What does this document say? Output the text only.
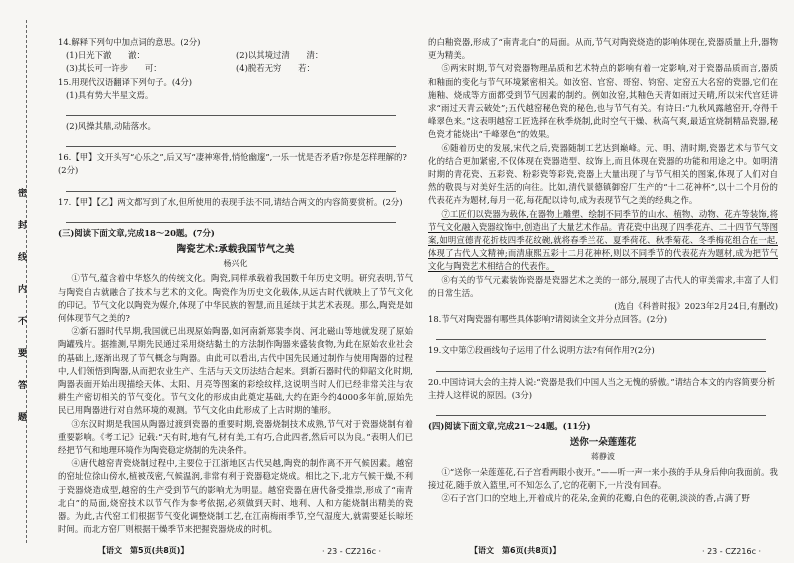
密
封
线
内
不
要
答
题

14.解释下列句中加点词的意思。(2分)

(1)日光下澈　　澈：	(2)以其境过清　　清：
(3)其长可一许步　　可：	(4)脱若无穷　　若：

15.用现代汉语翻译下列句子。(4分)

(1)具有势大半星文焉。

(2)风操其鼎,动陆落水。

16.【甲】文开头写“心乐之”,后又写“凄神寒骨,悄怆幽邃”,一乐一忧是否矛盾?你是怎样理解的?(2分)

17.【甲】【乙】两文都写到了水,但所使用的表现手法不同,请结合两文的内容简要赏析。(2分)

(三)阅读下面文章,完成18～20题。(7分)

陶瓷艺术:承载我国节气之美

杨兴化

①节气,蕴含着中华悠久的传统文化。陶瓷,同样承载着我国数千年历史文明。研究表明,节气与陶瓷自古就融合了技术与艺术的文化。陶瓷作为历史文化载体,从远古时代就映上了节气文化的印记。节气文化以陶瓷为媒介,体现了中华民族的智慧,而且延续于其艺术表现。那么,陶瓷是如何体现节气之美的?

②新石器时代早期,我国就已出现原始陶器,如河南新郑裴李岗、河北磁山等地就发现了原始陶罐残片。据推测,早期先民通过采用烧结黏土的方法制作陶器来盛装食物,为此在原始农业社会的基础上,逐渐出现了节气概念与陶器。由此可以看出,古代中国先民通过制作与使用陶器的过程中,人们领悟到陶器,从而把农业生产、生活与天文历法结合起来。到新石器时代的仰韶文化时期,陶器表面开始出现描绘天体、太阳、月亮等图案的彩绘纹样,这说明当时人们已经非常关注与农耕生产密切相关的节气变化。节气文化的形成由此奠定基础,大约在距今约4000多年前,原始先民已用陶器进行对自然环境的观测。节气文化由此形成了上古时期的雏形。

③东汉时期是我国从陶器过渡到瓷器的重要时期,瓷器烧制技术成熟,节气对于瓷器烧制有着重要影响。《考工记》记载:“天有时,地有气,材有美,工有巧,合此四者,然后可以为良。”表明人们已经把节气和地理环境作为陶瓷稳定烧制的先决条件。

④唐代越窑青瓷烧制过程中,主要位于江浙地区古代吴越,陶瓷的制作离不开气候因素。越窑的窑址位徐山傍水,植被茂密,气候温润,非常有利于瓷器稳定烧成。相比之下,北方气候干燥,不利于瓷器烧造成型,越窑的生产受到节气的影响尤为明显。越窑瓷器在唐代备受推崇,形成了“南青北白”的局面,烧窑技术以节气作为参考依据,必须做到天时、地利、人和方能烧制出精美的瓷器。为此,古代窑工们根据节气变化调整烧制工艺,在江南梅雨季节,空气湿度大,就需要延长晾坯时间。而北方窑厂则根据干燥季节来把握瓷器烧成的时机。

的白釉瓷器,形成了“南青北白”的局面。从而,节气对陶瓷烧造的影响体现在,瓷器质量上升,器物更为精美。

⑤两宋时期,节气对瓷器物理品质和艺术特点的影响有着一定影响,对于瓷器品质而言,器质和釉面的变化与节气环境紧密相关。如汝窑、官窑、哥窑、钧窑、定窑五大名窑的瓷器,它们在施釉、烧成等方面都受到节气因素的制约。例如汝窑,其釉色天青如雨过天晴,所以宋代宫廷讲求“雨过天青云破处”;五代越窑秘色瓷的秘色,也与节气有关。有诗曰:“九秋风露越窑开,夺得千峰翠色来。”这表明越窑工匠选择在秋季烧制,此时空气干燥、秋高气爽,最适宜烧制精品瓷器,秘色瓷才能烧出“千峰翠色”的效果。

⑥随着历史的发展,宋代之后,瓷器随制工艺达到巅峰。元、明、清时期,瓷器艺术与节气文化的结合更加紧密,不仅体现在瓷器造型、纹饰上,而且体现在瓷器的功能和用途之中。如明清时期的青花瓷、五彩瓷、粉彩瓷等彩瓷,瓷器上大量出现了与节气相关的图案,体现了人们对自然的敬畏与对美好生活的向往。比如,清代景德镇御窑厂生产的“十二花神杯”,以十二个月份的代表花卉为题材,每月一花,每花配以诗句,成为表现节气之美的经典之作。

⑦工匠们以瓷器为载体,在器物上雕塑、绘制不同季节的山水、植物、动物、花卉等装饰,将节气文化融入瓷器纹饰中,创造出了大量艺术作品。青花瓷中出现了四季花卉、二十四节气等图案,如明宣德青花折枝四季花纹碗,就将春季兰花、夏季荷花、秋季菊花、冬季梅花组合在一起,体现了古代人文精神;而清康熙五彩十二月花神杯,则以不同季节的代表花卉为题材,成为把节气文化与陶瓷艺术相结合的代表作。

⑧有关的节气元素装饰瓷器是瓷器艺术之美的一部分,展现了古代人的审美需求,丰富了人们的日常生活。

(选自《科普时报》2023年2月24日,有删改)

18.节气对陶瓷器有哪些具体影响?请阅读全文并分点回答。(2分)

19.文中第⑦段画线句子运用了什么说明方法?有何作用?(2分)

20.中国诗词大会的主持人说:“瓷器是我们中国人当之无愧的骄傲。”请结合本文的内容简要分析主持人这样说的原因。(3分)

(四)阅读下面文章,完成21～24题。(11分)

送你一朵莲莲花

蒋静波

①“送你一朵莲莲花,石子宫看两眼小夜开。”——听一声一来小孩的手从身后伸向我面前。我接过花,随手放入篮里,可不知怎么了,它的花朝下,一片没有回春。

②石子宫门口的空地上,开着成片的花朵,金黄的花瓣,白色的花朝,淡淡的香,占满了野

【语文　第5页(共8页)】	· 23 - CZ216c ·	【语文　第6页(共8页)】	· 23 - CZ216c ·
